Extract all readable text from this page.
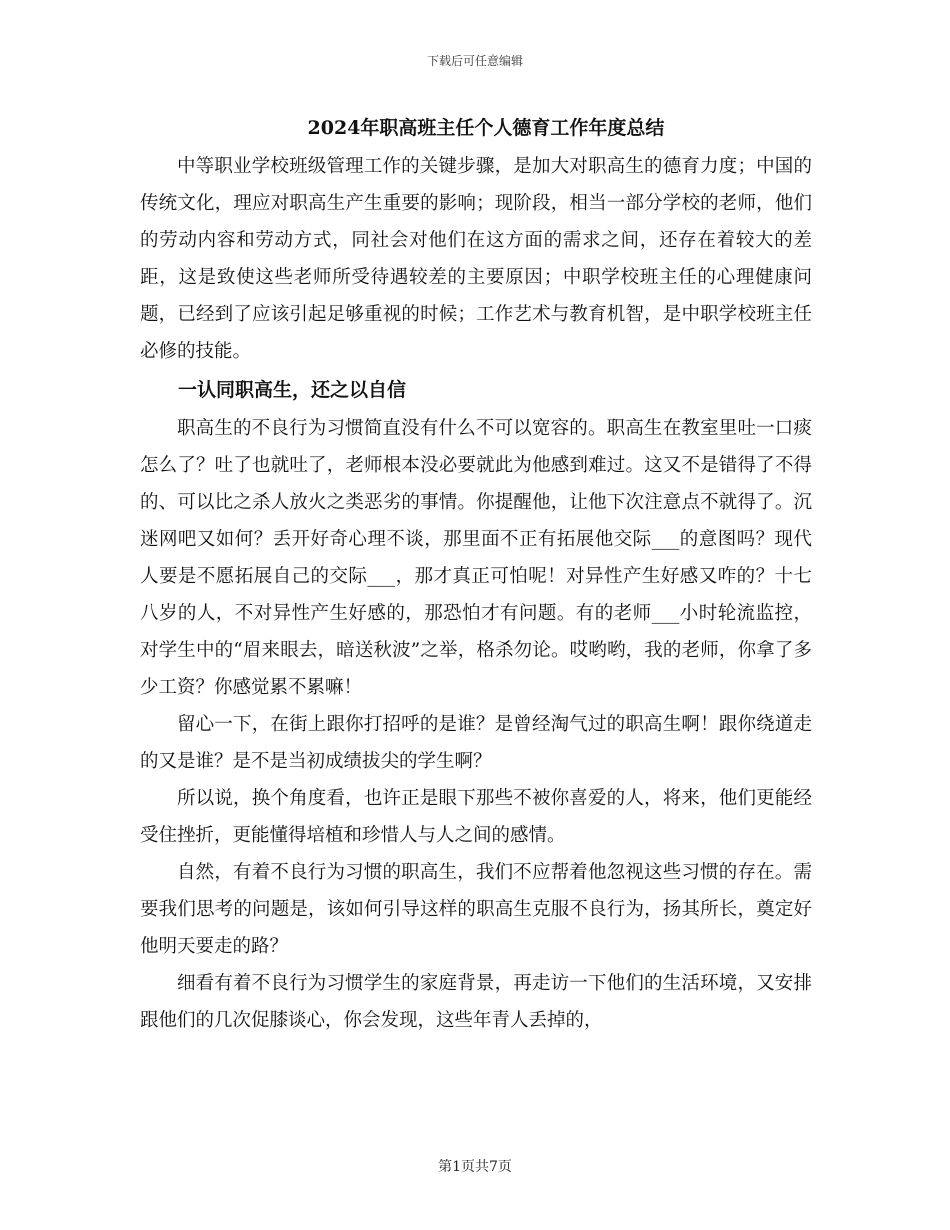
下载后可任意编辑
2024年职高班主任个人德育工作年度总结

中等职业学校班级管理工作的关键步骤，是加大对职高生的德育力度；中国的传统文化，理应对职高生产生重要的影响；现阶段，相当一部分学校的老师，他们的劳动内容和劳动方式，同社会对他们在这方面的需求之间，还存在着较大的差距，这是致使这些老师所受待遇较差的主要原因；中职学校班主任的心理健康问题，已经到了应该引起足够重视的时候；工作艺术与教育机智，是中职学校班主任必修的技能。

一认同职高生，还之以自信

职高生的不良行为习惯简直没有什么不可以宽容的。职高生在教室里吐一口痰怎么了？吐了也就吐了，老师根本没必要就此为他感到难过。这又不是错得了不得的、可以比之杀人放火之类恶劣的事情。你提醒他，让他下次注意点不就得了。沉迷网吧又如何？丢开好奇心理不谈，那里面不正有拓展他交际___的意图吗？现代人要是不愿拓展自己的交际___，那才真正可怕呢！对异性产生好感又咋的？十七八岁的人，不对异性产生好感的，那恐怕才有问题。有的老师___小时轮流监控，对学生中的“眉来眼去，暗送秋波”之举，格杀勿论。哎哟哟，我的老师，你拿了多少工资？你感觉累不累嘛！

留心一下，在街上跟你打招呼的是谁？是曾经淘气过的职高生啊！跟你绕道走的又是谁？是不是当初成绩拔尖的学生啊？

所以说，换个角度看，也许正是眼下那些不被你喜爱的人，将来，他们更能经受住挫折，更能懂得培植和珍惜人与人之间的感情。

自然，有着不良行为习惯的职高生，我们不应帮着他忽视这些习惯的存在。需要我们思考的问题是，该如何引导这样的职高生克服不良行为，扬其所长，奠定好他明天要走的路？

细看有着不良行为习惯学生的家庭背景，再走访一下他们的生活环境，又安排跟他们的几次促膝谈心，你会发现，这些年青人丢掉的，

第1页共7页
